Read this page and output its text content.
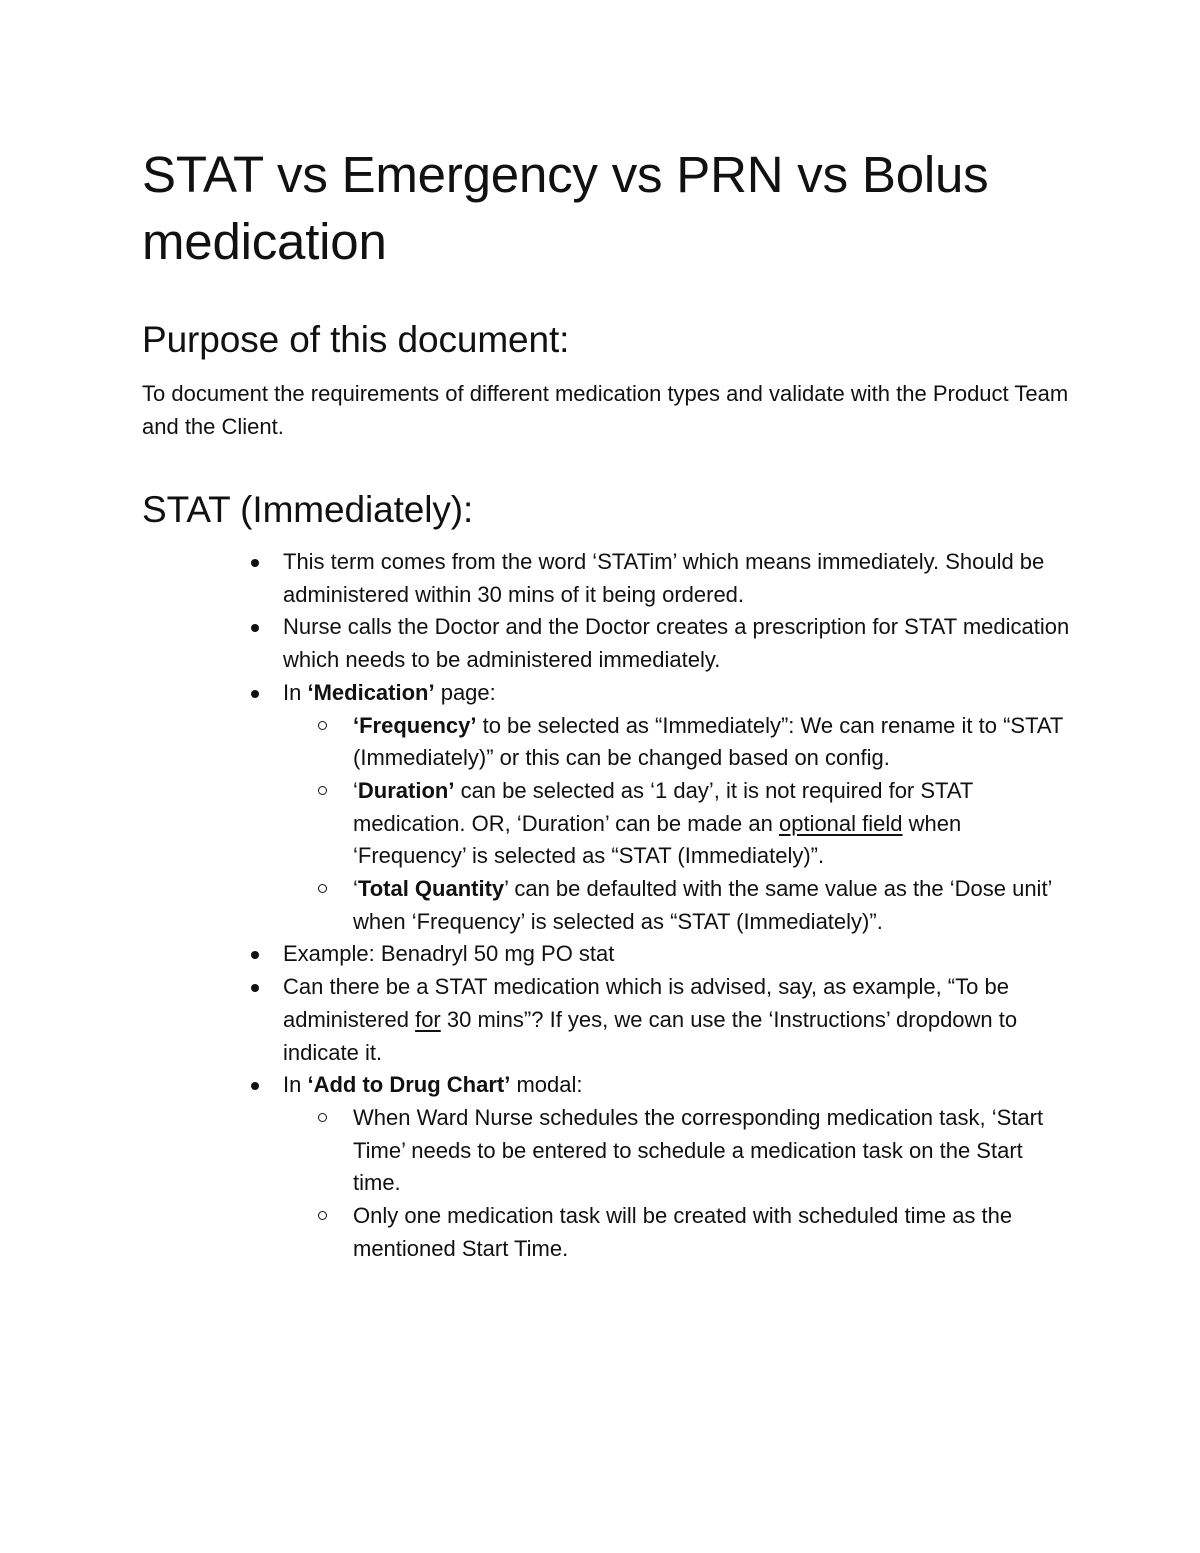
STAT vs Emergency vs PRN vs Bolus medication
Purpose of this document:

To document the requirements of different medication types and validate with the Product Team and the Client.

STAT (Immediately):
This term comes from the word ‘STATim’ which means immediately. Should be administered within 30 mins of it being ordered.
Nurse calls the Doctor and the Doctor creates a prescription for STAT medication which needs to be administered immediately.
In ‘Medication’ page:
‘Frequency’ to be selected as “Immediately”: We can rename it to “STAT (Immediately)” or this can be changed based on config.
‘Duration’ can be selected as ‘1 day’, it is not required for STAT medication. OR, ‘Duration’ can be made an optional field when ‘Frequency’ is selected as “STAT (Immediately)”.
‘Total Quantity’ can be defaulted with the same value as the ‘Dose unit’ when ‘Frequency’ is selected as “STAT (Immediately)”.
Example: Benadryl 50 mg PO stat
Can there be a STAT medication which is advised, say, as example, “To be administered for 30 mins”? If yes, we can use the ‘Instructions’ dropdown to indicate it.
In ‘Add to Drug Chart’ modal:
When Ward Nurse schedules the corresponding medication task, ‘Start Time’ needs to be entered to schedule a medication task on the Start time.
Only one medication task will be created with scheduled time as the mentioned Start Time.
